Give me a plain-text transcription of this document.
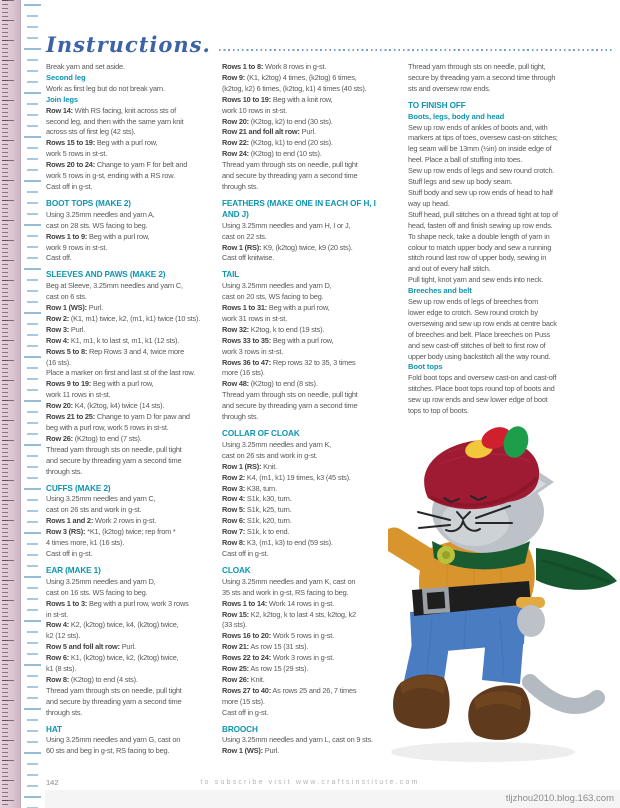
Instructions.
Break yarn and set aside.
Second leg
Work as first leg but do not break yarn.
Join legs
Row 14: With RS facing, knit across sts of
second leg, and then with the same yarn knit
across sts of first leg (42 sts).
Rows 15 to 19: Beg with a purl row,
work 5 rows in st-st.
Rows 20 to 24: Change to yarn F for belt and
work 5 rows in g-st, ending with a RS row.
Cast off in g-st.
BOOT TOPS (MAKE 2)
Using 3.25mm needles and yarn A,
cast on 28 sts. WS facing to beg.
Rows 1 to 9: Beg with a purl row,
work 9 rows in st-st.
Cast off.
SLEEVES AND PAWS (MAKE 2)
Beg at Sleeve, 3.25mm needles and yarn C,
cast on 6 sts.
Row 1 (WS): Purl.
Row 2: (K1, m1) twice, k2, (m1, k1) twice (10 sts).
Row 3: Purl.
Row 4: K1, m1, k to last st, m1, k1 (12 sts).
Rows 5 to 8: Rep Rows 3 and 4, twice more
(16 sts).
Place a marker on first and last st of the last row.
Rows 9 to 19: Beg with a purl row,
work 11 rows in st-st.
Row 20: K4, (k2tog, k4) twice (14 sts).
Rows 21 to 25: Change to yarn D for paw and
beg with a purl row, work 5 rows in st-st.
Row 26: (K2tog) to end (7 sts).
Thread yarn through sts on needle, pull tight
and secure by threading yarn a second time
through sts.
CUFFS (MAKE 2)
Using 3.25mm needles and yarn C,
cast on 26 sts and work in g-st.
Rows 1 and 2: Work 2 rows in g-st.
Row 3 (RS): *K1, (k2tog) twice; rep from *
4 times more, k1 (16 sts).
Cast off in g-st.
EAR (MAKE 1)
Using 3.25mm needles and yarn D,
cast on 16 sts. WS facing to beg.
Rows 1 to 3: Beg with a purl row, work 3 rows
in st-st.
Row 4: K2, (k2tog) twice, k4, (k2tog) twice,
k2 (12 sts).
Row 5 and foll alt row: Purl.
Row 6: K1, (k2tog) twice, k2, (k2tog) twice,
k1 (8 sts).
Row 8: (K2tog) to end (4 sts).
Thread yarn through sts on needle, pull tight
and secure by threading yarn a second time
through sts.
HAT
Using 3.25mm needles and yarn G, cast on
60 sts and beg in g-st, RS facing to beg.
Rows 1 to 8: Work 8 rows in g-st.
Row 9: (K1, k2tog) 4 times, (k2tog) 6 times,
(k2tog, k2) 6 times, (k2tog, k1) 4 times (40 sts).
Rows 10 to 19: Beg with a knit row,
work 10 rows in st-st.
Row 20: (K2tog, k2) to end (30 sts).
Row 21 and foll alt row: Purl.
Row 22: (K2tog, k1) to end (20 sts).
Row 24: (K2tog) to end (10 sts).
Thread yarn through sts on needle, pull tight
and secure by threading yarn a second time
through sts.
FEATHERS (MAKE ONE IN EACH OF H, I AND J)
Using 3.25mm needles and yarn H, I or J,
cast on 22 sts.
Row 1 (RS): K9, (k2tog) twice, k9 (20 sts).
Cast off knitwise.
TAIL
Using 3.25mm needles and yarn D,
cast on 20 sts, WS facing to beg.
Rows 1 to 31: Beg with a purl row,
work 31 rows in st-st.
Row 32: K2tog, k to end (19 sts).
Rows 33 to 35: Beg with a purl row,
work 3 rows in st-st.
Rows 36 to 47: Rep rows 32 to 35, 3 times
more (16 sts).
Row 48: (K2tog) to end (8 sts).
Thread yarn through sts on needle, pull tight
and secure by threading yarn a second time
through sts.
COLLAR OF CLOAK
Using 3.25mm needles and yarn K,
cast on 26 sts and work in g-st.
Row 1 (RS): Knit.
Row 2: K4, (m1, k1) 19 times, k3 (45 sts).
Row 3: K38, turn.
Row 4: S1k, k30, turn.
Row 5: S1k, k25, turn.
Row 6: S1k, k20, turn.
Row 7: S1k, k to end.
Row 8: K3, (m1, k3) to end (59 sts).
Cast off in g-st.
CLOAK
Using 3.25mm needles and yarn K, cast on
35 sts and work in g-st, RS facing to beg.
Rows 1 to 14: Work 14 rows in g-st.
Row 15: K2, k2tog, k to last 4 sts, k2tog, k2
(33 sts).
Rows 16 to 20: Work 5 rows in g-st.
Row 21: As row 15 (31 sts).
Rows 22 to 24: Work 3 rows in g-st.
Row 25: As row 15 (29 sts).
Row 26: Knit.
Rows 27 to 40: As rows 25 and 26, 7 times
more (15 sts).
Cast off in g-st.
BROOCH
Using 3.25mm needles and yarn L, cast on 9 sts.
Row 1 (WS): Purl.
Thread yarn through sts on needle, pull tight,
secure by threading yarn a second time through
sts and oversew row ends.
TO FINISH OFF
Boots, legs, body and head
Sew up row ends of ankles of boots and, with
markers at tips of toes, oversew cast-on stitches;
leg seam will be 13mm (½in) on inside edge of
heel. Place a ball of stuffing into toes.
Sew up row ends of legs and sew round crotch.
Stuff legs and sew up body seam.
Stuff body and sew up row ends of head to half
way up head.
Stuff head, pull stitches on a thread tight at top of
head, fasten off and finish sewing up row ends.
To shape neck, take a double length of yarn in
colour to match upper body and sew a running
stitch round last row of upper body, sewing in
and out of every half stitch.
Pull tight, knot yarn and sew ends into neck.
Breeches and belt
Sew up row ends of legs of breeches from
lower edge to crotch. Sew round crotch by
oversewing and sew up row ends at centre back
of breeches and belt. Place breeches on Puss
and sew cast-off stitches of belt to first row of
upper body using backstitch all the way round.
Boot tops
Fold boot tops and oversew cast-on and cast-off
stitches. Place boot tops round top of boots and
sew up row ends and sew lower edge of boot
tops to top of boots.
142	to subscribe visit www.craftsinstitute.com
tljzhou2010.blog.163.com
